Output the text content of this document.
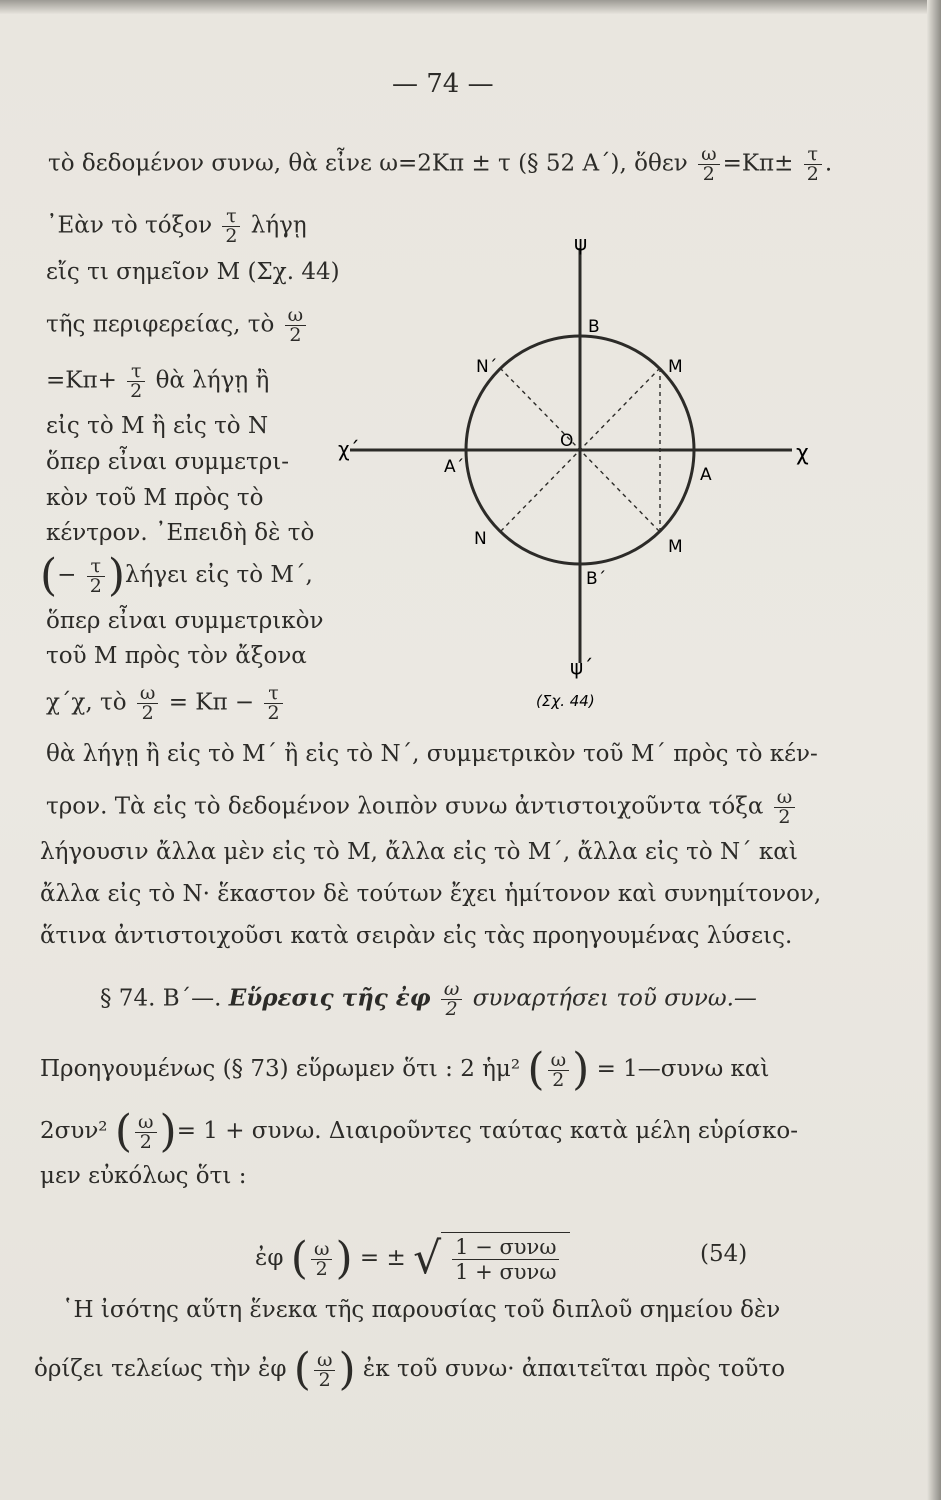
— 74 —
τὸ δεδομένον συνω, θὰ εἶνε ω=2Κπ ± τ (§ 52 Α΄), ὅθεν $\frac{\omega}{2} =K\pi\pm \frac{\tau}{2}$ .
᾿Εὰν τὸ τόξον $\frac{\tau}{2}$ λήγῃ
εἴς τι σημεῖον Μ (Σχ. 44)
τῆς περιφερείας, τὸ $\frac{\omega}{2}$
$=K\pi+ \frac{\tau}{2}$ θὰ λήγῃ ἢ
εἰς τὸ Μ ἢ εἰς τὸ Ν
ὅπερ εἶναι συμμετρι-
κὸν τοῦ Μ πρὸς τὸ
κέντρον. ᾿Επειδὴ δὲ τὸ
(− $\frac{\tau}{2} )\lambda ή\gamma\varepsilon\iota$ εἰς τὸ Μ΄,
ὅπερ εἶναι συμμετρικὸν
τοῦ Μ πρὸς τὸν ἄξονα
χ΄χ, τὸ $\frac{\omega}{2} = K\pi - \frac{\tau}{2}$
ψ
ψ΄
χ
χ΄	O
A
A΄
B
B΄
M
M
N΄
N
(Σχ. 44)
θὰ λήγῃ ἢ εἰς τὸ Μ΄ ἢ εἰς τὸ Ν΄, συμμετρικὸν τοῦ Μ΄ πρὸς τὸ κέν-
τρον. Τὰ εἰς τὸ δεδομένον λοιπὸν συνω ἀντιστοιχοῦντα τόξα $\frac{\omega}{2}$
λήγουσιν ἄλλα μὲν εἰς τὸ Μ, ἄλλα εἰς τὸ Μ΄, ἄλλα εἰς τὸ Ν΄ καὶ
ἄλλα εἰς τὸ Ν· ἕκαστον δὲ τούτων ἔχει ἡμίτονον καὶ συνημίτονον,
ἅτινα ἀντιστοιχοῦσι κατὰ σειρὰν εἰς τὰς προηγουμένας λύσεις.
§ 74. Β΄—. Εὕρεσις τῆς ἐφ $\frac{\omega}{2}$ συναρτήσει τοῦ συνω.—
Προηγουμένως (§ 73) εὕρωμεν ὅτι : 2 ἡμ² ( $\frac{\omega}{2}$ ) = 1—συνω καὶ
2συν² ( $\frac{\omega}{2}$ )= 1 + συνω. Διαιροῦντες ταύτας κατὰ μέλη εὑρίσκο-
μεν εὐκόλως ὅτι :
ἐφ ( $\frac{\omega}{2}$ ) = ± √ $\frac{\text{1 − συνω}}{\text{1 + συνω}}$	(54)
῾Η ἰσότης αὕτη ἕνεκα τῆς παρουσίας τοῦ διπλοῦ σημείου δὲν
ὁρίζει τελείως τὴν ἐφ ( $\frac{\omega}{2}$ ) ἐκ τοῦ συνω· ἀπαιτεῖται πρὸς τοῦτο
